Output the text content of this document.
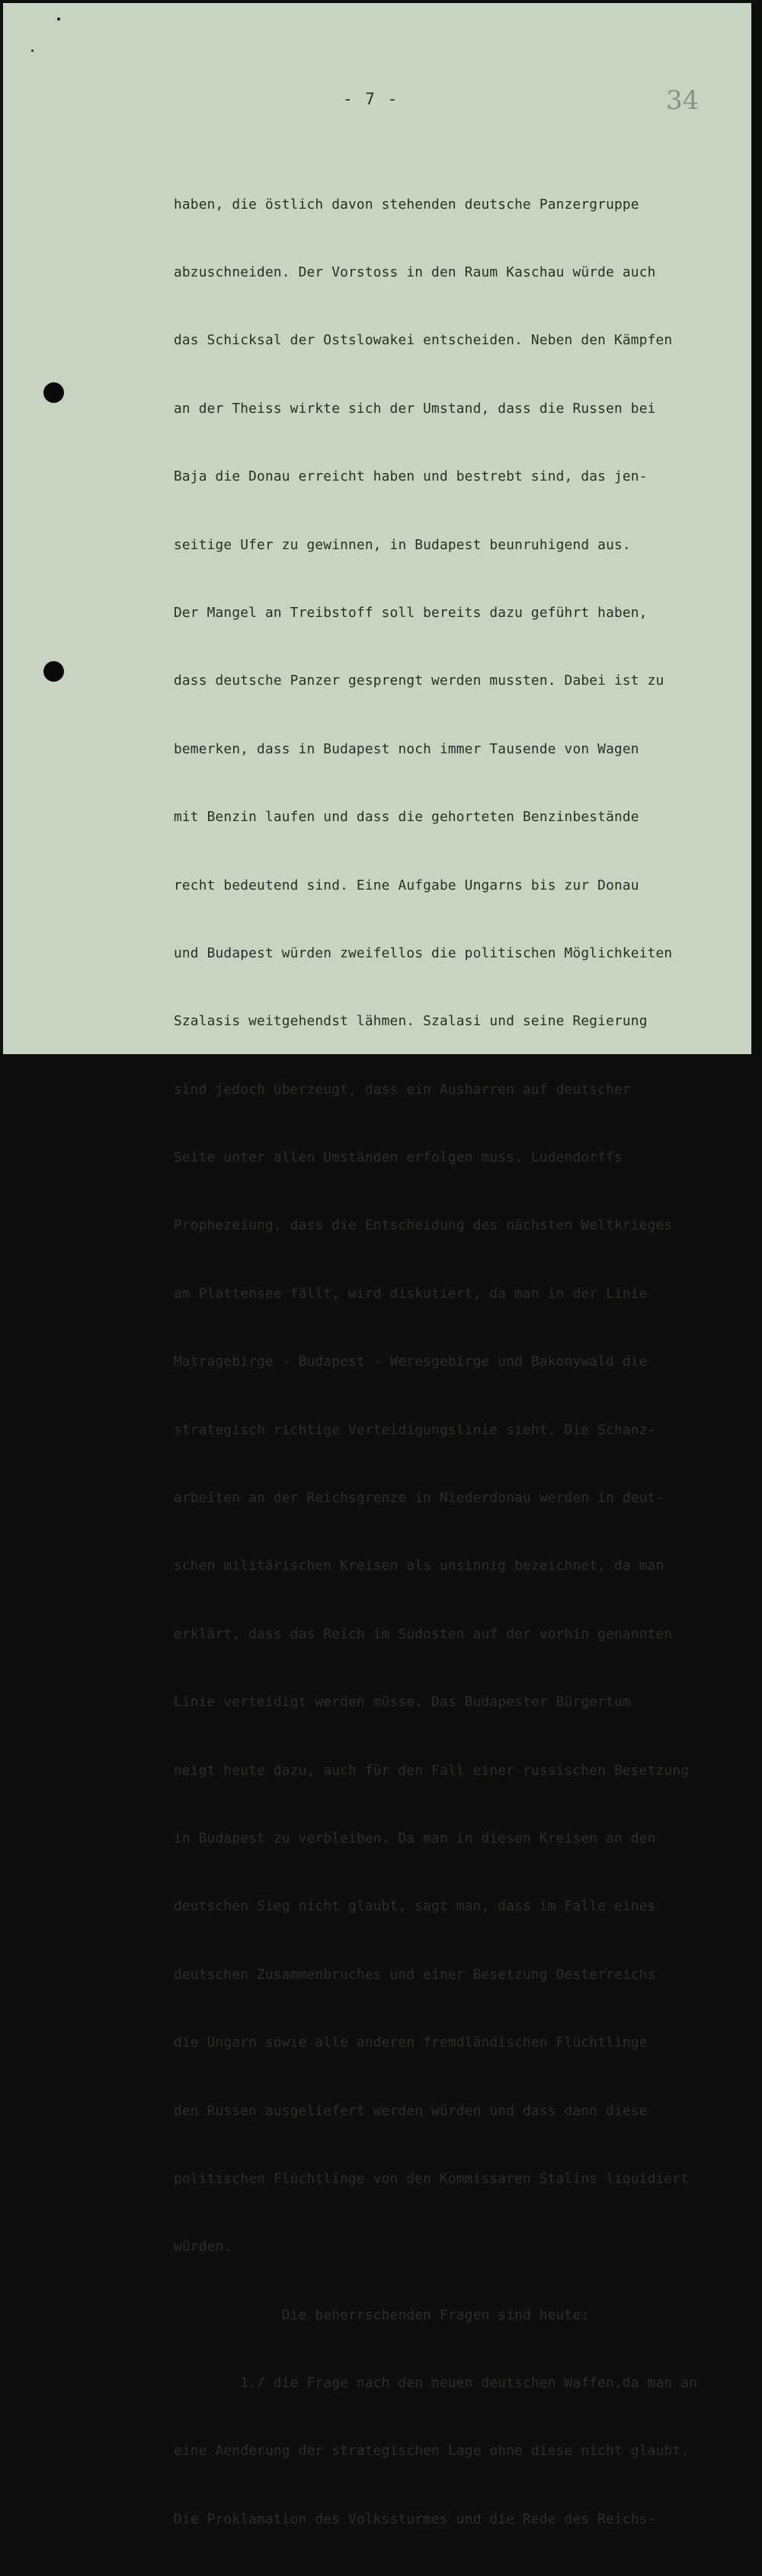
- 7 -	34

haben, die östlich davon stehenden deutsche Panzergruppe

abzuschneiden. Der Vorstoss in den Raum Kaschau würde auch

das Schicksal der Ostslowakei entscheiden. Neben den Kämpfen

an der Theiss wirkte sich der Umstand, dass die Russen bei

Baja die Donau erreicht haben und bestrebt sind, das jen-

seitige Ufer zu gewinnen, in Budapest beunruhigend aus.

Der Mangel an Treibstoff soll bereits dazu geführt haben,

dass deutsche Panzer gesprengt werden mussten. Dabei ist zu

bemerken, dass in Budapest noch immer Tausende von Wagen

mit Benzin laufen und dass die gehorteten Benzinbestände

recht bedeutend sind. Eine Aufgabe Ungarns bis zur Donau

und Budapest würden zweifellos die politischen Möglichkeiten

Szalasis weitgehendst lähmen. Szalasi und seine Regierung

sind jedoch überzeugt, dass ein Ausharren auf deutscher

Seite unter allen Umständen erfolgen muss. Ludendorffs

Prophezeiung, dass die Entscheidung des nächsten Weltkrieges

am Plattensee fällt, wird diskutiert, da man in der Linie

Matragebirge - Budapest - Weresgebirge und Bakonywald die

strategisch richtige Verteidigungslinie sieht. Die Schanz-

arbeiten an der Reichsgrenze in Niederdonau werden in deut-

schen militärischen Kreisen als unsinnig bezeichnet, da man

erklärt, dass das Reich im Südosten auf der vorhin genannten

Linie verteidigt werden müsse. Das Budapester Bürgertum

neigt heute dazu, auch für den Fall einer russischen Besetzung

in Budapest zu verbleiben. Da man in diesen Kreisen an den

deutschen Sieg nicht glaubt, sagt man, dass im Falle eines

deutschen Zusammenbruches und einer Besetzung Oesterreichs

die Ungarn sowie alle anderen fremdländischen Flüchtlinge

den Russen ausgeliefert werden würden und dass dann diese

politischen Flüchtlinge von den Kommissaren Stalins liquidiert

würden.

Die beherrschenden Fragen sind heute:

1./ die Frage nach den neuen deutschen Waffen,da man an

eine Aenderung der strategischen Lage ohne diese nicht glaubt.

Die Proklamation des Volkssturmes und die Rede des Reichs-
